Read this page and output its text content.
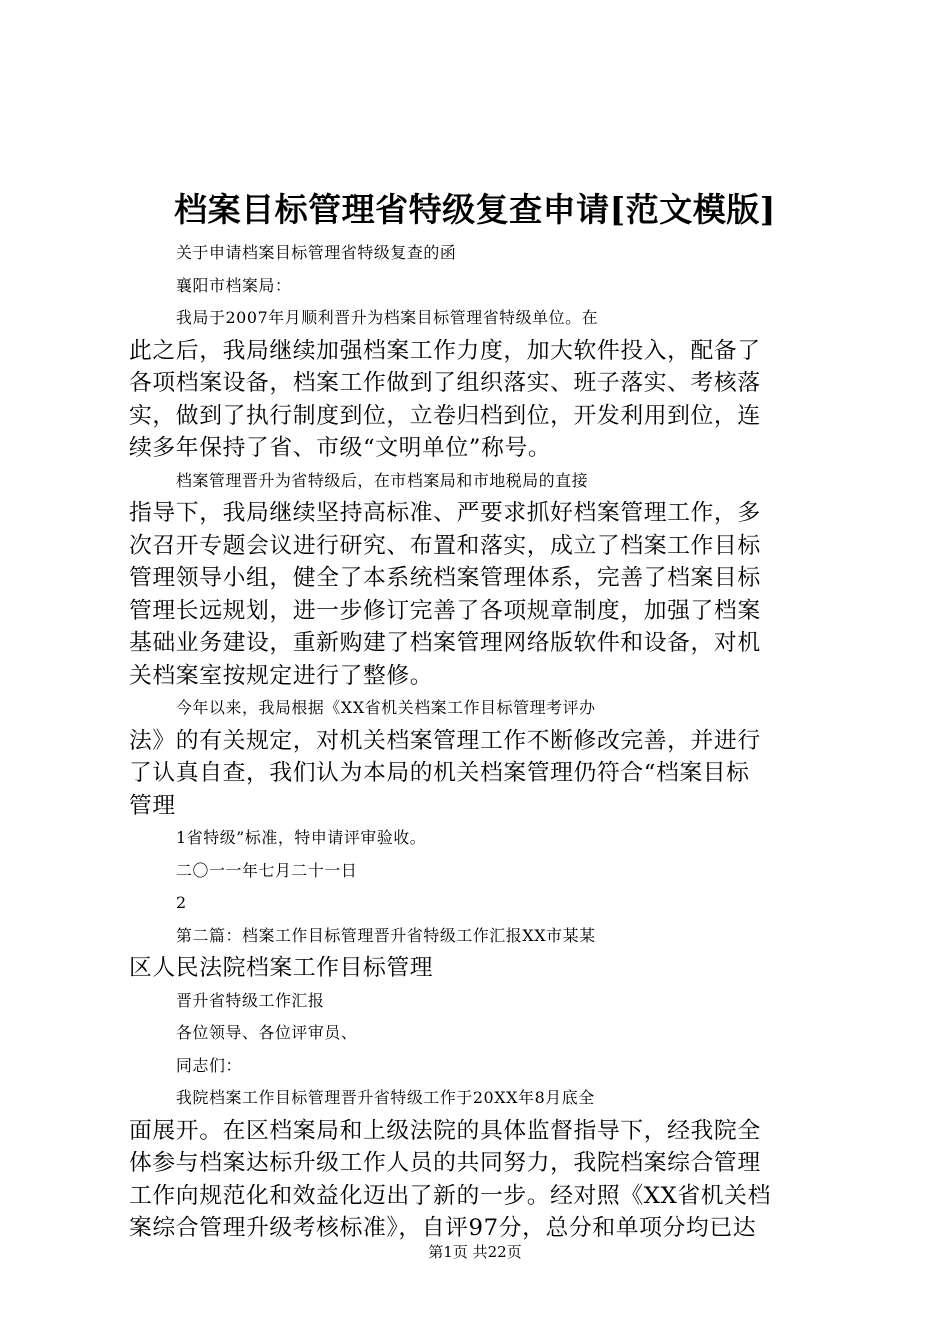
档案目标管理省特级复查申请[范文模版]
关于申请档案目标管理省特级复查的函
襄阳市档案局：
我局于2007年月顺利晋升为档案目标管理省特级单位。在
此之后，我局继续加强档案工作力度，加大软件投入，配备了
各项档案设备，档案工作做到了组织落实、班子落实、考核落
实，做到了执行制度到位，立卷归档到位，开发利用到位，连
续多年保持了省、市级“文明单位”称号。
档案管理晋升为省特级后，在市档案局和市地税局的直接
指导下，我局继续坚持高标准、严要求抓好档案管理工作，多
次召开专题会议进行研究、布置和落实，成立了档案工作目标
管理领导小组，健全了本系统档案管理体系，完善了档案目标
管理长远规划，进一步修订完善了各项规章制度，加强了档案
基础业务建设，重新购建了档案管理网络版软件和设备，对机
关档案室按规定进行了整修。
今年以来，我局根据《XX省机关档案工作目标管理考评办
法》的有关规定，对机关档案管理工作不断修改完善，并进行
了认真自查，我们认为本局的机关档案管理仍符合“档案目标
管理
1省特级”标准，特申请评审验收。
二〇一一年七月二十一日
2
第二篇：档案工作目标管理晋升省特级工作汇报XX市某某
区人民法院档案工作目标管理
晋升省特级工作汇报
各位领导、各位评审员、
同志们：
我院档案工作目标管理晋升省特级工作于20XX年8月底全
面展开。在区档案局和上级法院的具体监督指导下，经我院全
体参与档案达标升级工作人员的共同努力，我院档案综合管理
工作向规范化和效益化迈出了新的一步。经对照《XX省机关档
案综合管理升级考核标准》，自评97分，总分和单项分均已达
第1页 共22页
